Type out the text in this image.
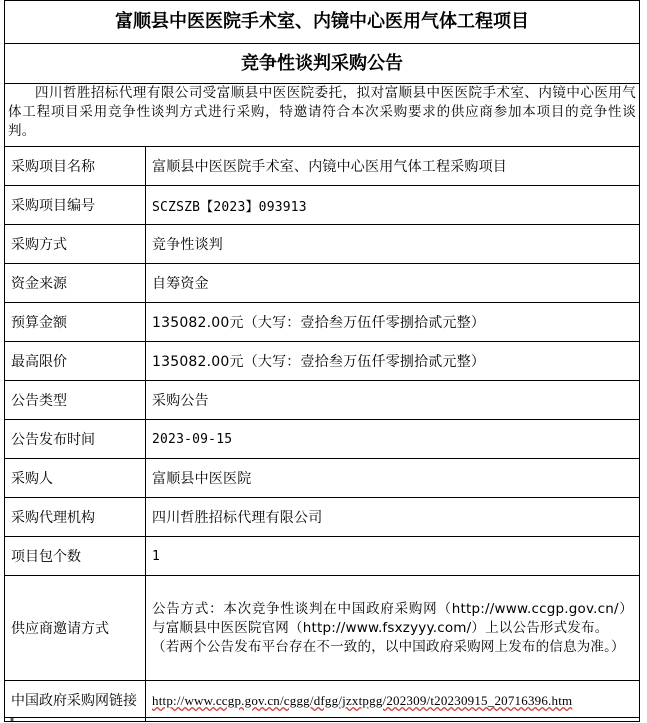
富顺县中医医院手术室、内镜中心医用气体工程项目
竞争性谈判采购公告
四川哲胜招标代理有限公司受富顺县中医医院委托，拟对富顺县中医医院手术室、内镜中心医用气体工程项目采用竞争性谈判方式进行采购，特邀请符合本次采购要求的供应商参加本项目的竞争性谈判。
采购项目名称	富顺县中医医院手术室、内镜中心医用气体工程采购项目
采购项目编号	SCZSZB【2023】093913
采购方式	竞争性谈判
资金来源	自筹资金
预算金额	135082.00元（大写：壹拾叁万伍仟零捌拾贰元整）
最高限价	135082.00元（大写：壹拾叁万伍仟零捌拾贰元整）
公告类型	采购公告
公告发布时间	2023-09-15
采购人	富顺县中医医院
采购代理机构	四川哲胜招标代理有限公司
项目包个数	1
供应商邀请方式	公告方式：本次竞争性谈判在中国政府采购网（http://www.ccgp.gov.cn/）与富顺县中医医院官网（http://www.fsxzyyy.com/）上以公告形式发布。
（若两个公告发布平台存在不一致的，以中国政府采购网上发布的信息为准。）

中国政府采购网链接	http://www.ccgp.gov.cn/cggg/dfgg/jzxtpgg/202309/t20230915_20716396.htm
▪
